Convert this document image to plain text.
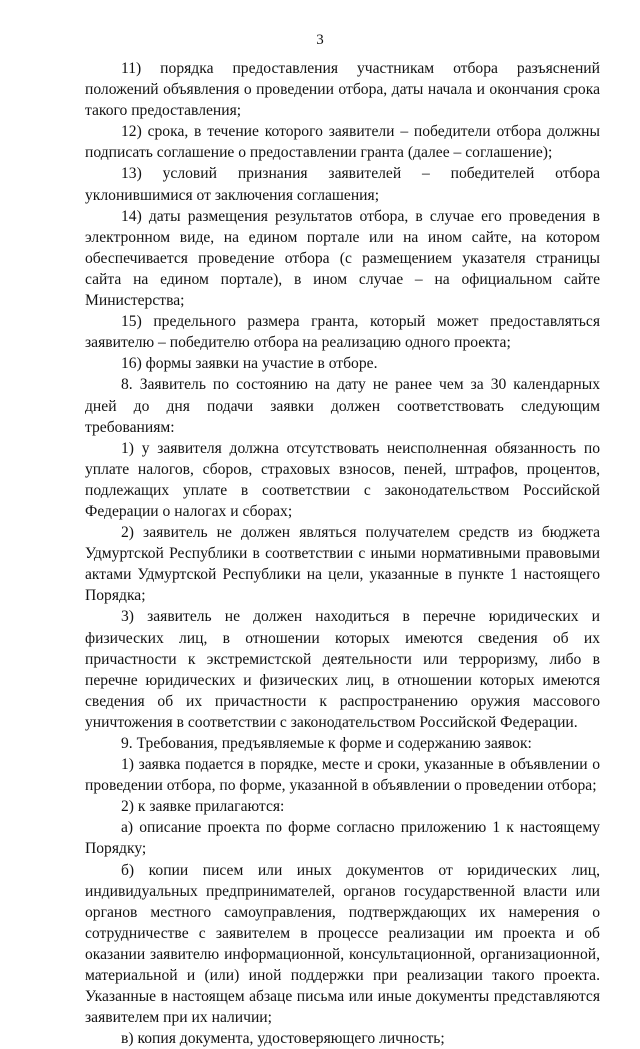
3

11) порядка предоставления участникам отбора разъяснений положений объявления о проведении отбора, даты начала и окончания срока такого предоставления;

12) срока, в течение которого заявители – победители отбора должны подписать соглашение о предоставлении гранта (далее – соглашение);

13) условий признания заявителей – победителей отбора уклонившимися от заключения соглашения;

14) даты размещения результатов отбора, в случае его проведения в электронном виде, на едином портале или на ином сайте, на котором обеспечивается проведение отбора (с размещением указателя страницы сайта на едином портале), в ином случае – на официальном сайте Министерства;

15) предельного размера гранта, который может предоставляться заявителю – победителю отбора на реализацию одного проекта;

16) формы заявки на участие в отборе.

8. Заявитель по состоянию на дату не ранее чем за 30 календарных дней до дня подачи заявки должен соответствовать следующим требованиям:

1) у заявителя должна отсутствовать неисполненная обязанность по уплате налогов, сборов, страховых взносов, пеней, штрафов, процентов, подлежащих уплате в соответствии с законодательством Российской Федерации о налогах и сборах;

2) заявитель не должен являться получателем средств из бюджета Удмуртской Республики в соответствии с иными нормативными правовыми актами Удмуртской Республики на цели, указанные в пункте 1 настоящего Порядка;

3) заявитель не должен находиться в перечне юридических и физических лиц, в отношении которых имеются сведения об их причастности к экстремистской деятельности или терроризму, либо в перечне юридических и физических лиц, в отношении которых имеются сведения об их причастности к распространению оружия массового уничтожения в соответствии с законодательством Российской Федерации.

9. Требования, предъявляемые к форме и содержанию заявок:

1) заявка подается в порядке, месте и сроки, указанные в объявлении о проведении отбора, по форме, указанной в объявлении о проведении отбора;

2) к заявке прилагаются:

а) описание проекта по форме согласно приложению 1 к настоящему Порядку;

б) копии писем или иных документов от юридических лиц, индивидуальных предпринимателей, органов государственной власти или органов местного самоуправления, подтверждающих их намерения о сотрудничестве с заявителем в процессе реализации им проекта и об оказании заявителю информационной, консультационной, организационной, материальной и (или) иной поддержки при реализации такого проекта. Указанные в настоящем абзаце письма или иные документы представляются заявителем при их наличии;

в) копия документа, удостоверяющего личность;
